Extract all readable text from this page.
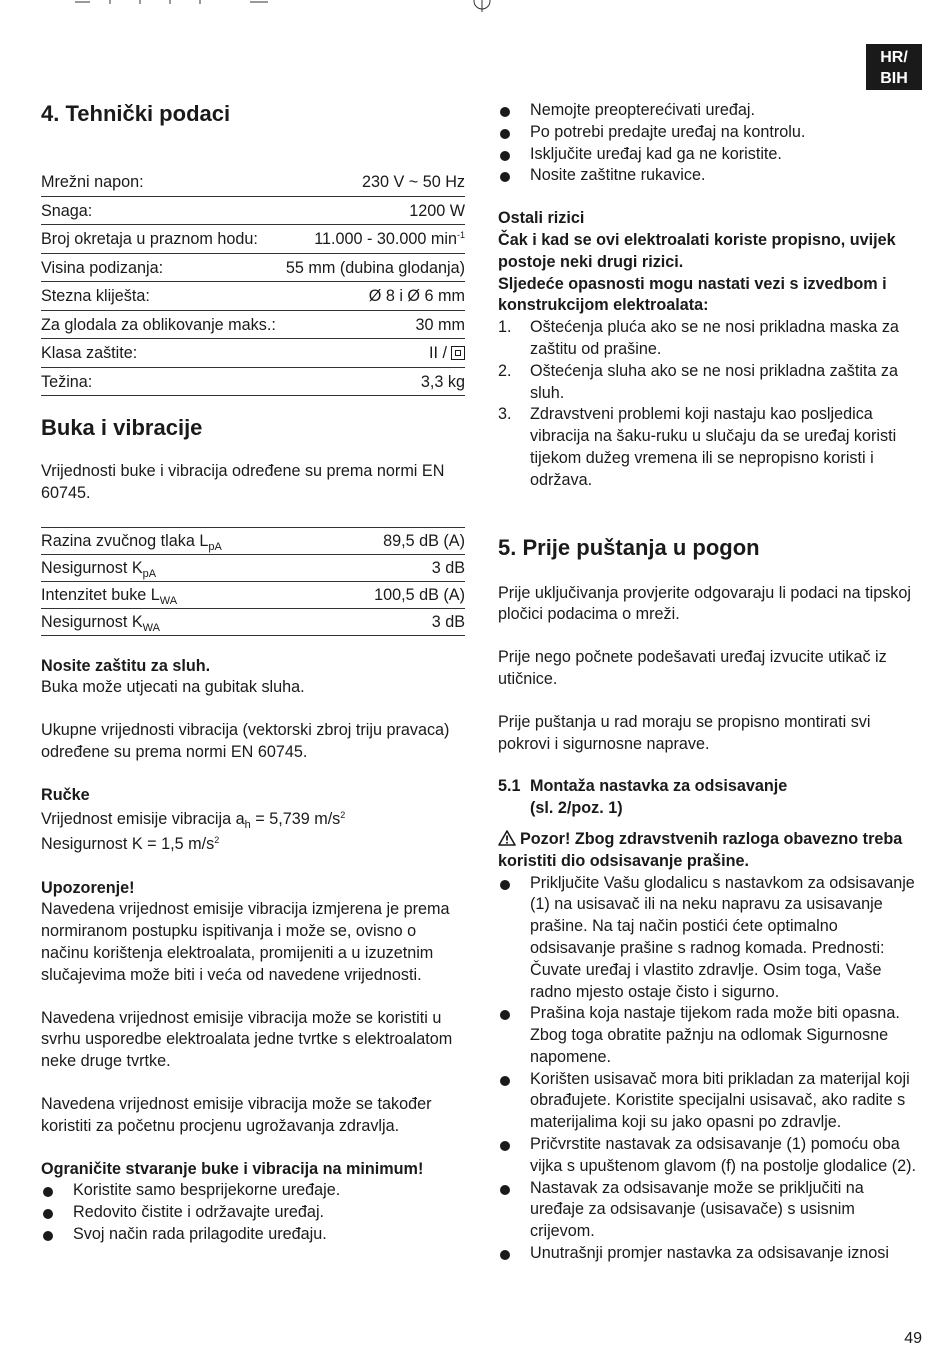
HR/
BIH
4. Tehnički podaci
Mrežni napon:	230 V ~ 50 Hz
Snaga:	1200 W
Broj okretaja u praznom hodu:	11.000 - 30.000 $\min^{-1}$
Visina podizanja:	55 mm (dubina glodanja)
Stezna kliješta:	Ø 8 i Ø 6 mm
Za glodala za oblikovanje maks.:	30 mm
Klasa zaštite:	II /
Težina:	3,3 kg
Buka i vibracije

Vrijednosti buke i vibracija određene su prema normi EN 60745.

Razina zvučnog tlaka $L_{pA}$	89,5 dB (A)
Nesigurnost $K_{pA}$	3 dB
Intenzitet buke $L_{WA}$	100,5 dB (A)
Nesigurnost $K_{WA}$	3 dB

Nosite zaštitu za sluh.

Buka može utjecati na gubitak sluha.

Ukupne vrijednosti vibracija (vektorski zbroj triju pravaca) određene su prema normi EN 60745.

Ručke

Vrijednost emisije vibracija $a_h = 5,739$ $m/s^2$

Nesigurnost K = 1,5 $m/s^2$

Upozorenje!

Navedena vrijednost emisije vibracija izmjerena je prema normiranom postupku ispitivanja i može se, ovisno o načinu korištenja elektroalata, promijeniti a u izuzetnim slučajevima može biti i veća od navedene vrijednosti.

Navedena vrijednost emisije vibracija može se koristiti u svrhu usporedbe elektroalata jedne tvrtke s elektroalatom neke druge tvrtke.

Navedena vrijednost emisije vibracija može se također koristiti za početnu procjenu ugrožavanja zdravlja.

Ograničite stvaranje buke i vibracija na minimum!

Koristite samo besprijekorne uređaje.
Redovito čistite i održavajte uređaj.
Svoj način rada prilagodite uređaju.
Nemojte preopterećivati uređaj.
Po potrebi predajte uređaj na kontrolu.
Isključite uređaj kad ga ne koristite.
Nosite zaštitne rukavice.

Ostali rizici

Čak i kad se ovi elektroalati koriste propisno, uvijek postoje neki drugi rizici.

Sljedeće opasnosti mogu nastati vezi s izvedbom i konstrukcijom elektroalata:

1. Oštećenja pluća ako se ne nosi prikladna maska za zaštitu od prašine.
2. Oštećenja sluha ako se ne nosi prikladna zaštita za sluh.
3. Zdravstveni problemi koji nastaju kao posljedica vibracija na šaku-ruku u slučaju da se uređaj koristi tijekom dužeg vremena ili se nepropisno koristi i održava.
5. Prije puštanja u pogon

Prije uključivanja provjerite odgovaraju li podaci na tipskoj pločici podacima o mreži.

Prije nego počnete podešavati uređaj izvucite utikač iz utičnice.

Prije puštanja u rad moraju se propisno montirati svi pokrovi i sigurnosne naprave.

5.1 Montaža nastavka za odsisavanje
(sl. 2/poz. 1)

Pozor! Zbog zdravstvenih razloga obavezno treba koristiti dio odsisavanje prašine.

Priključite Vašu glodalicu s nastavkom za odsisavanje (1) na usisavač ili na neku napravu za usisavanje prašine. Na taj način postići ćete optimalno odsisavanje prašine s radnog komada. Prednosti: Čuvate uređaj i vlastito zdravlje. Osim toga, Vaše radno mjesto ostaje čisto i sigurno.
Prašina koja nastaje tijekom rada može biti opasna. Zbog toga obratite pažnju na odlomak Sigurnosne napomene.
Korišten usisavač mora biti prikladan za materijal koji obrađujete. Koristite specijalni usisavač, ako radite s materijalima koji su jako opasni po zdravlje.
Pričvrstite nastavak za odsisavanje (1) pomoću oba vijka s upuštenom glavom (f) na postolje glodalice (2).
Nastavak za odsisavanje može se priključiti na uređaje za odsisavanje (usisavače) s usisnim crijevom.
Unutrašnji promjer nastavka za odsisavanje iznosi
49
